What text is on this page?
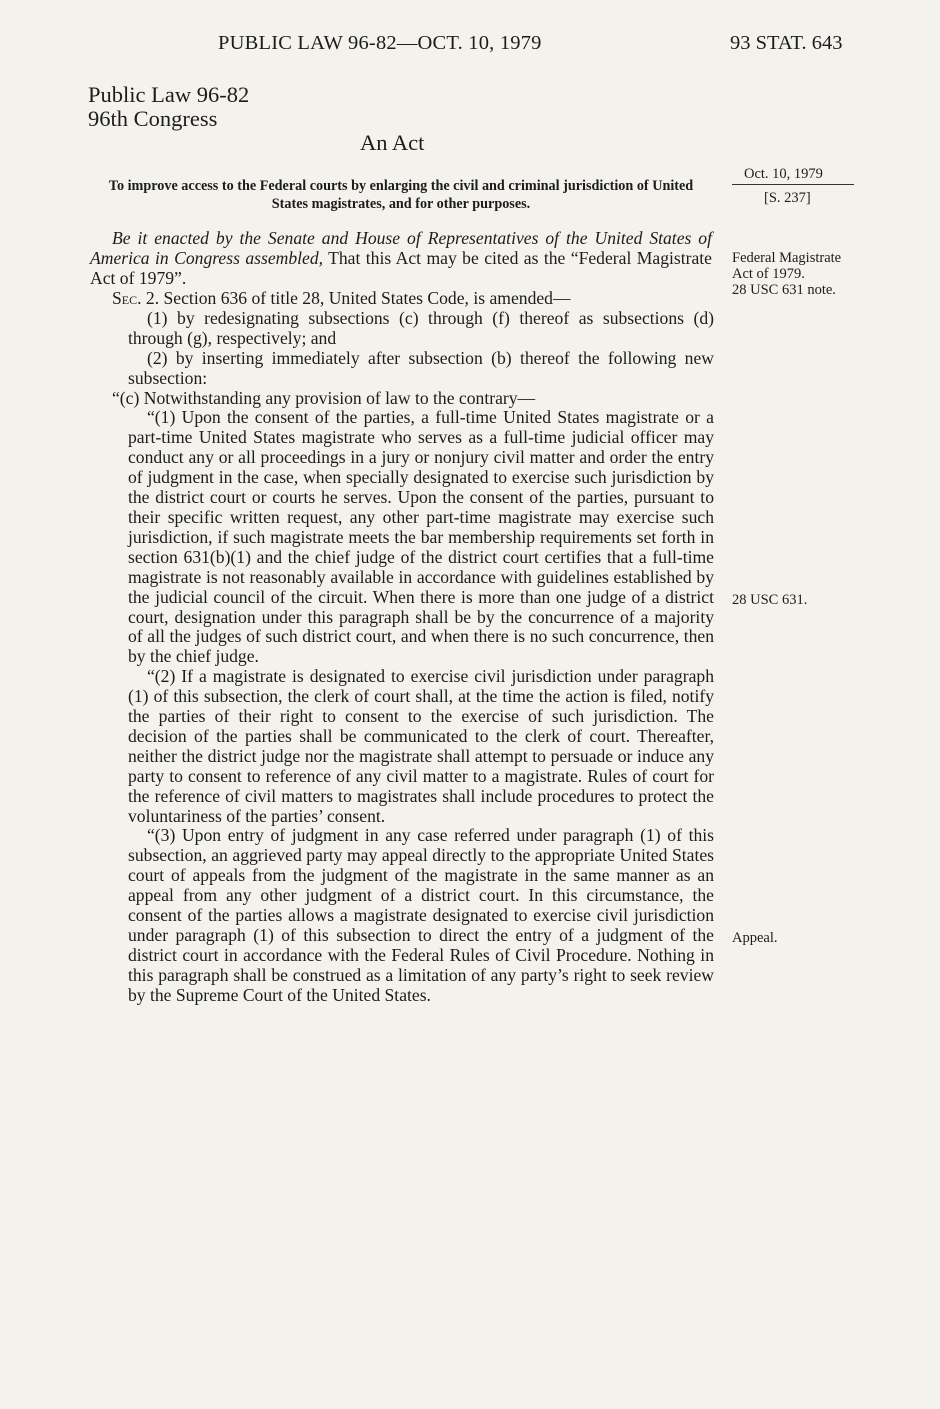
PUBLIC LAW 96-82—OCT. 10, 1979	93 STAT. 643
Public Law 96-82
96th Congress
An Act
To improve access to the Federal courts by enlarging the civil and criminal jurisdiction of United States magistrates, and for other purposes.
Oct. 10, 1979
[S. 237]
Federal Magistrate Act of 1979.
28 USC 631 note.
Be it enacted by the Senate and House of Representatives of the United States of America in Congress assembled, That this Act may be cited as the “Federal Magistrate Act of 1979”.

Sec. 2. Section 636 of title 28, United States Code, is amended—

(1) by redesignating subsections (c) through (f) thereof as subsections (d) through (g), respectively; and

(2) by inserting immediately after subsection (b) thereof the following new subsection:

“(c) Notwithstanding any provision of law to the contrary—

“(1) Upon the consent of the parties, a full-time United States magistrate or a part-time United States magistrate who serves as a full-time judicial officer may conduct any or all proceedings in a jury or nonjury civil matter and order the entry of judgment in the case, when specially designated to exercise such jurisdiction by the district court or courts he serves. Upon the consent of the parties, pursuant to their specific written request, any other part-time magistrate may exercise such jurisdiction, if such magistrate meets the bar membership requirements set forth in section 631(b)(1) and the chief judge of the district court certifies that a full-time magistrate is not reasonably available in accordance with guidelines established by the judicial council of the circuit. When there is more than one judge of a district court, designation under this paragraph shall be by the concurrence of a majority of all the judges of such district court, and when there is no such concurrence, then by the chief judge.

“(2) If a magistrate is designated to exercise civil jurisdiction under paragraph (1) of this subsection, the clerk of court shall, at the time the action is filed, notify the parties of their right to consent to the exercise of such jurisdiction. The decision of the parties shall be communicated to the clerk of court. Thereafter, neither the district judge nor the magistrate shall attempt to persuade or induce any party to consent to reference of any civil matter to a magistrate. Rules of court for the reference of civil matters to magistrates shall include procedures to protect the voluntariness of the parties’ consent.

“(3) Upon entry of judgment in any case referred under paragraph (1) of this subsection, an aggrieved party may appeal directly to the appropriate United States court of appeals from the judgment of the magistrate in the same manner as an appeal from any other judgment of a district court. In this circumstance, the consent of the parties allows a magistrate designated to exercise civil jurisdiction under paragraph (1) of this subsection to direct the entry of a judgment of the district court in accordance with the Federal Rules of Civil Procedure. Nothing in this paragraph shall be construed as a limitation of any party’s right to seek review by the Supreme Court of the United States.

28 USC 631.
Appeal.
